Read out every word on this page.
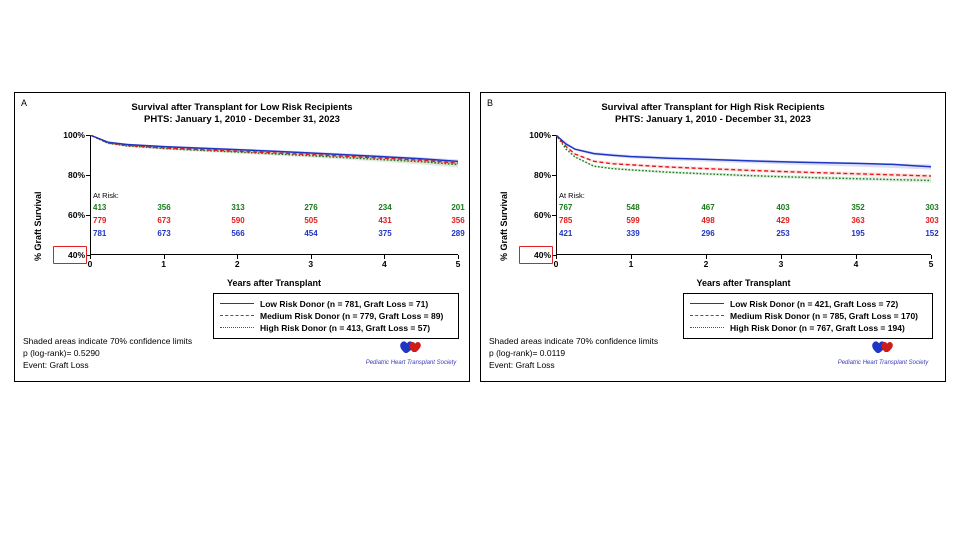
A	Survival after Transplant for Low Risk Recipients
PHTS: January 1, 2010 - December 31, 2023
% Graft Survival
100%
80%
60%
40%
0	1	2	3	4	5
At Risk:
413	356	313	276	234	201
779	673	590	505	431	356
781	673	566	454	375	289
Years after Transplant
Low Risk Donor (n = 781, Graft Loss = 71)
Medium Risk Donor (n = 779, Graft Loss = 89)
High Risk Donor (n = 413, Graft Loss = 57)
Shaded areas indicate 70% confidence limits
p (log-rank)= 0.5290
Event: Graft Loss	Pediatric Heart Transplant Society
B	Survival after Transplant for High Risk Recipients
PHTS: January 1, 2010 - December 31, 2023
% Graft Survival
100%
80%
60%
40%
0	1	2	3	4	5
At Risk:
767	548	467	403	352	303
785	599	498	429	363	303
421	339	296	253	195	152
Years after Transplant
Low Risk Donor (n = 421, Graft Loss = 72)
Medium Risk Donor (n = 785, Graft Loss = 170)
High Risk Donor (n = 767, Graft Loss = 194)
Shaded areas indicate 70% confidence limits
p (log-rank)= 0.0119
Event: Graft Loss	Pediatric Heart Transplant Society
